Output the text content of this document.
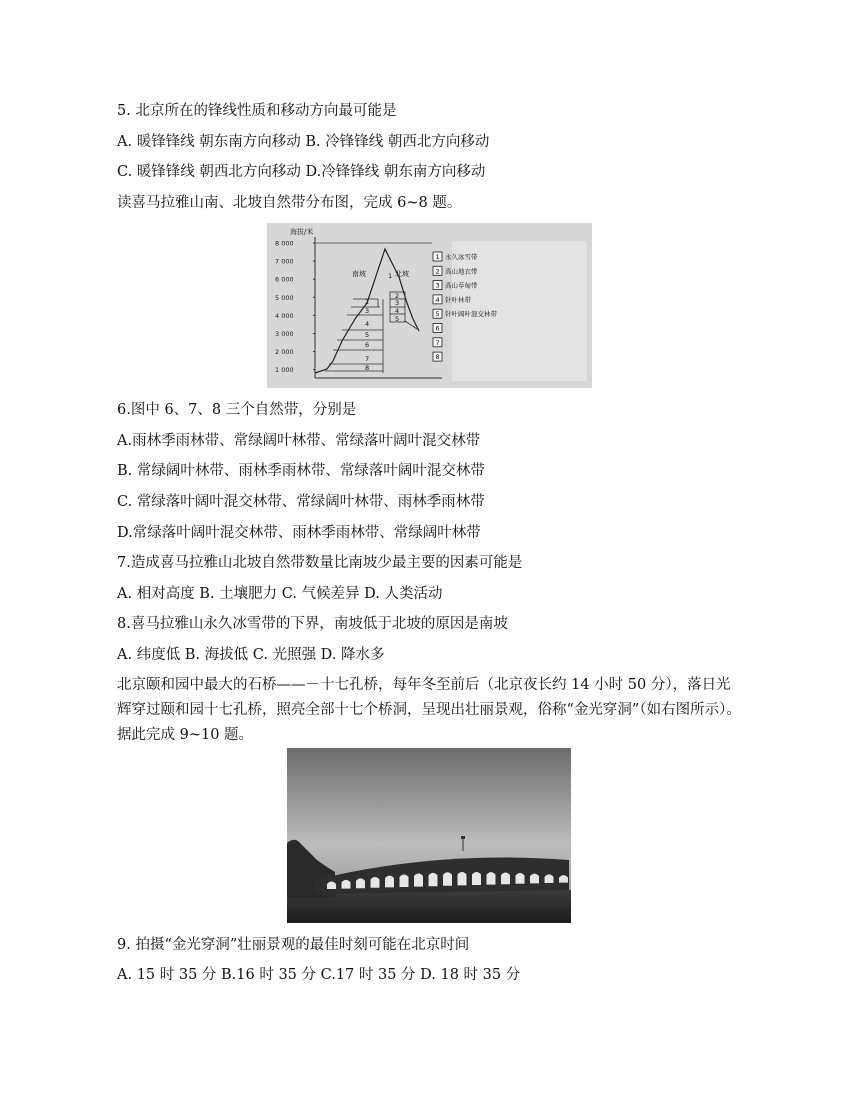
5. 北京所在的锋线性质和移动方向最可能是
A. 暖锋锋线 朝东南方向移动 B. 冷锋锋线 朝西北方向移动
C. 暖锋锋线 朝西北方向移动 D.冷锋锋线 朝东南方向移动
读喜马拉雅山南、北坡自然带分布图，完成 6~8 题。
海拔/米
8 000
7 000
6 000
5 000
4 000
3 000
2 000
1 000
1
2
3
4
5
6
7
8
2
3
4
5
南坡	北坡
1 永久冰雪带
2 高山地衣带
3 高山草甸带
4 针叶林带
5 针叶阔叶混交林带
6
7
8
6.图中 6、7、8 三个自然带，分别是
A.雨林季雨林带、常绿阔叶林带、常绿落叶阔叶混交林带
B. 常绿阔叶林带、雨林季雨林带、常绿落叶阔叶混交林带
C. 常绿落叶阔叶混交林带、常绿阔叶林带、雨林季雨林带
D.常绿落叶阔叶混交林带、雨林季雨林带、常绿阔叶林带
7.造成喜马拉雅山北坡自然带数量比南坡少最主要的因素可能是
A. 相对高度 B. 土壤肥力 C. 气候差异 D. 人类活动
8.喜马拉雅山永久冰雪带的下界，南坡低于北坡的原因是南坡
A. 纬度低 B. 海拔低 C. 光照强 D. 降水多
北京颐和园中最大的石桥——－十七孔桥，每年冬至前后（北京夜长约 14 小时 50 分），落日光辉穿过颐和园十七孔桥，照亮全部十七个桥洞，呈现出壮丽景观，俗称“金光穿洞”（如右图所示）。据此完成 9~10 题。
9. 拍摄“金光穿洞”壮丽景观的最佳时刻可能在北京时间
A. 15 时 35 分 B.16 时 35 分 C.17 时 35 分 D. 18 时 35 分
